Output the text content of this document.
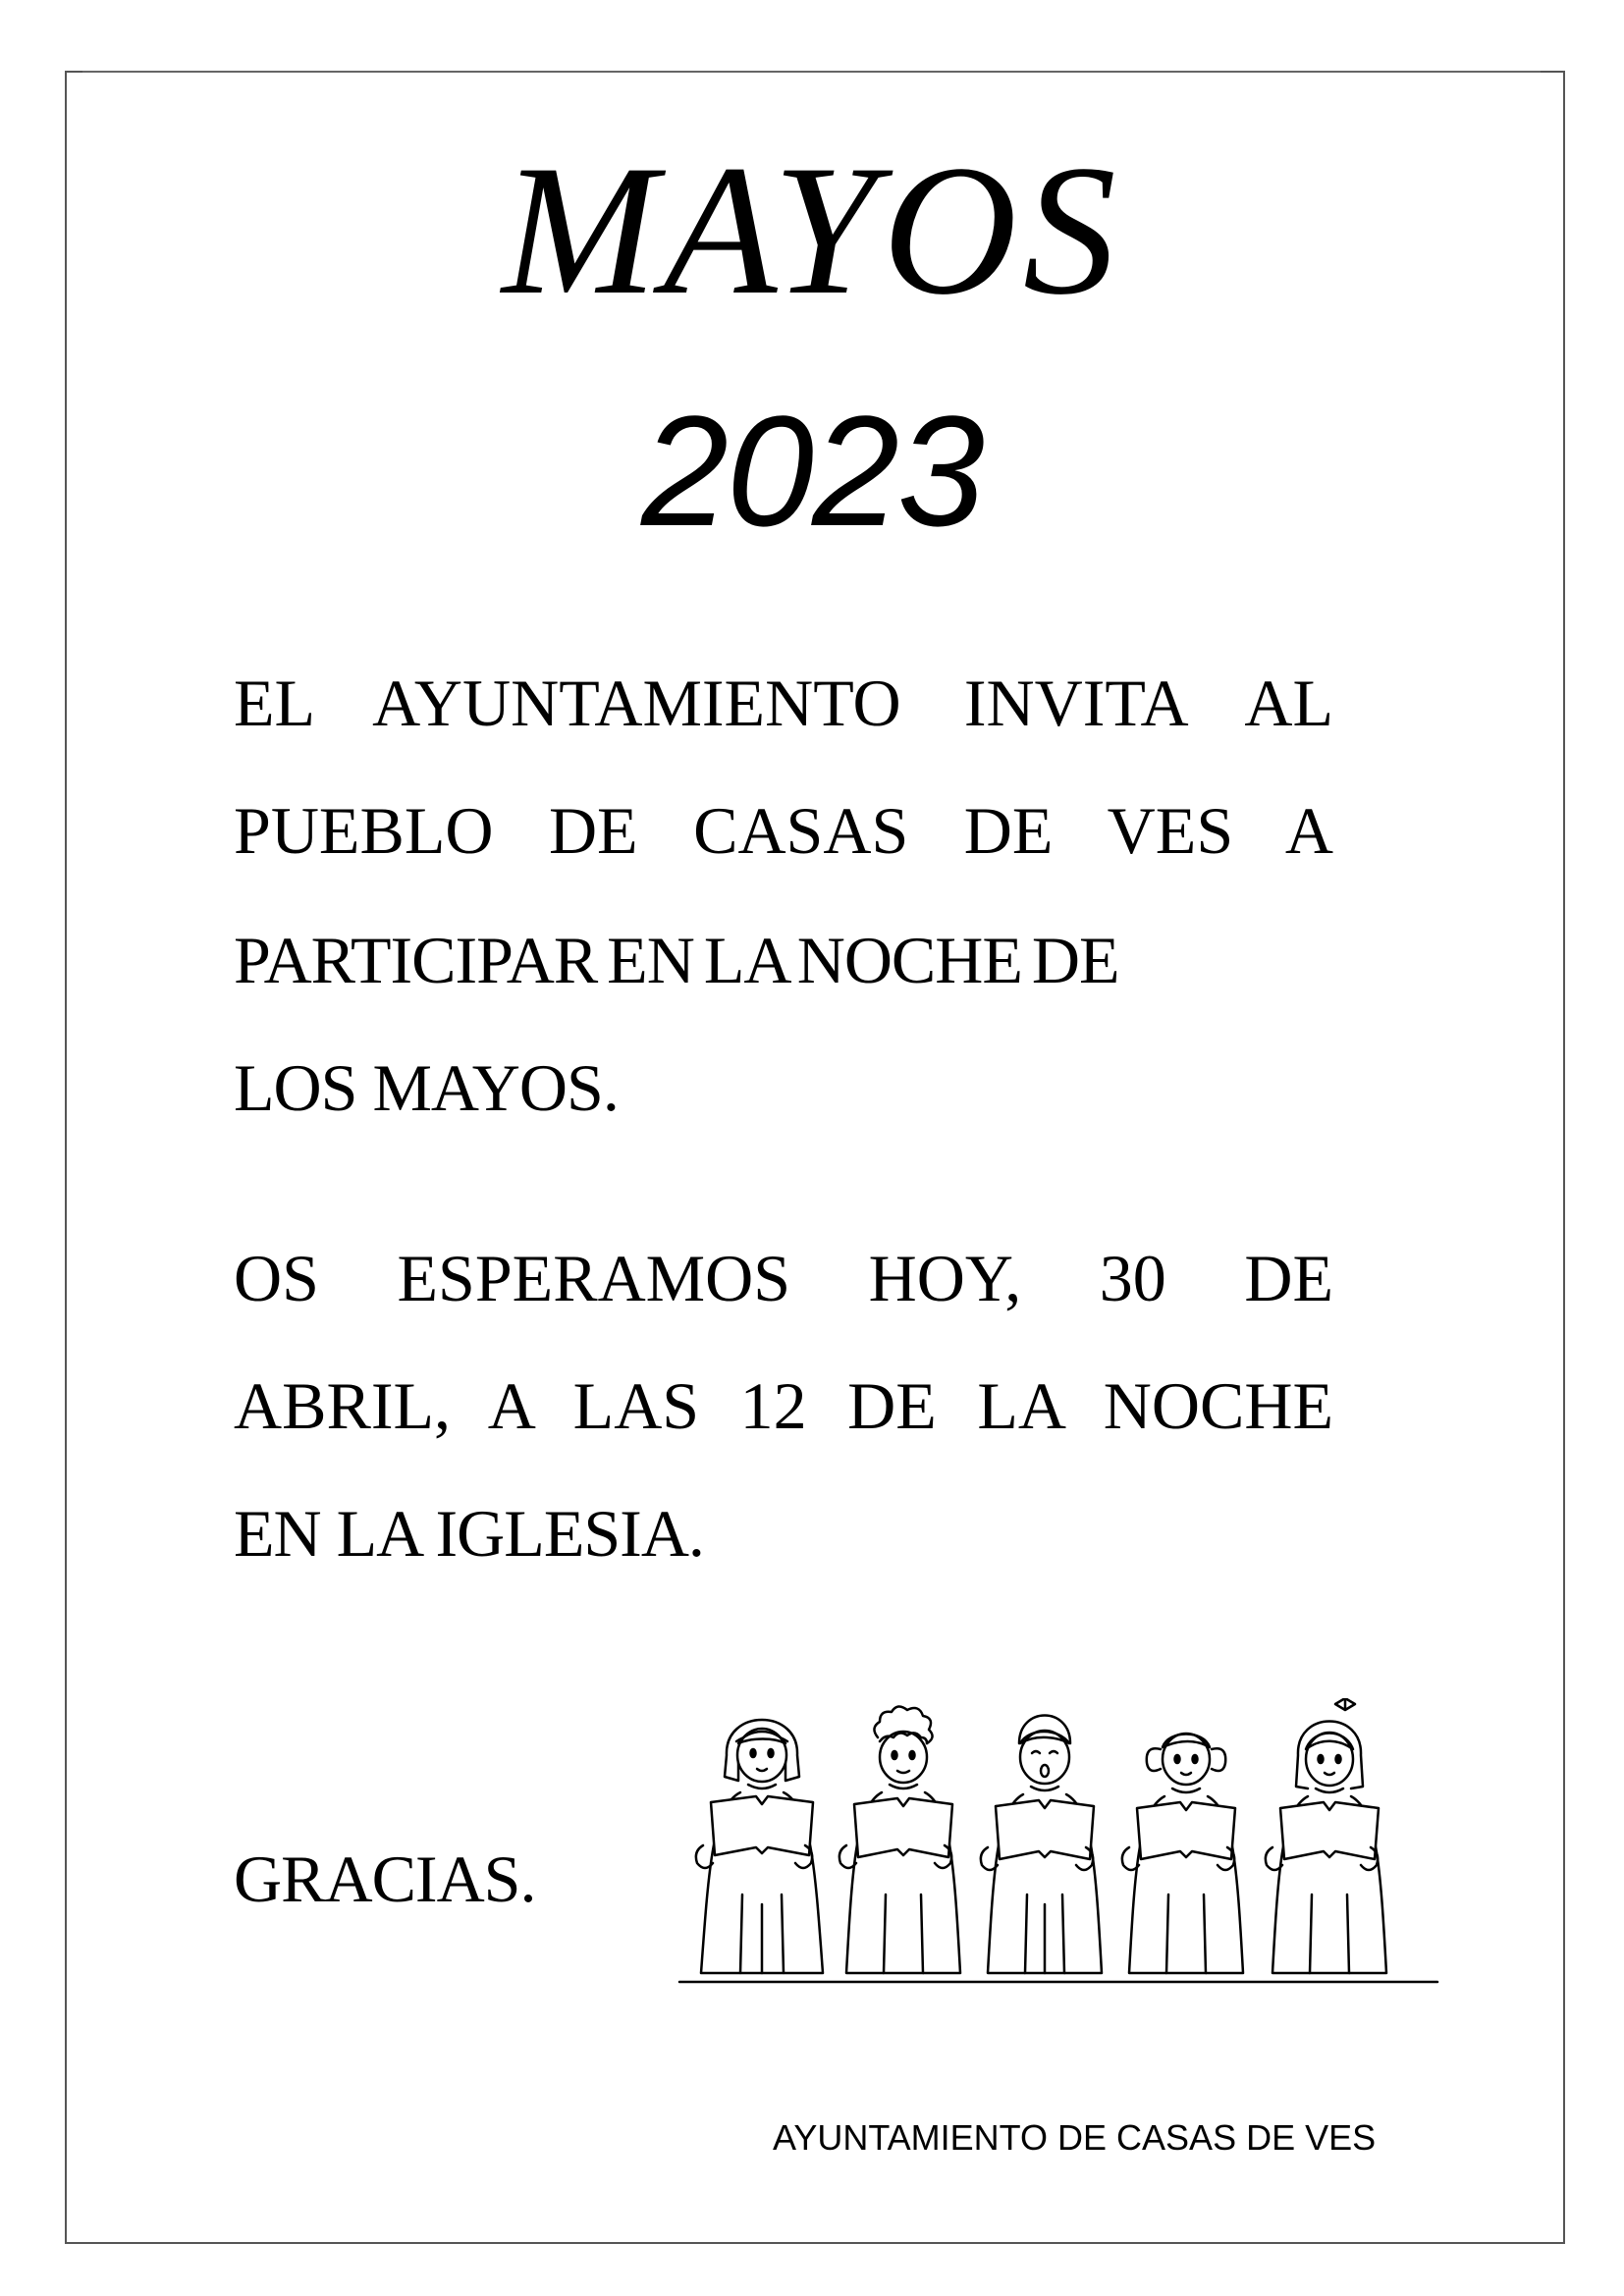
MAYOS
2023
EL AYUNTAMIENTO INVITA AL
PUEBLO DE CASAS DE VES A
PARTICIPAR EN LA NOCHE DE
LOS MAYOS.
OS ESPERAMOS HOY, 30 DE
ABRIL, A LAS 12 DE LA NOCHE
EN LA IGLESIA.
GRACIAS.
AYUNTAMIENTO DE CASAS DE VES
